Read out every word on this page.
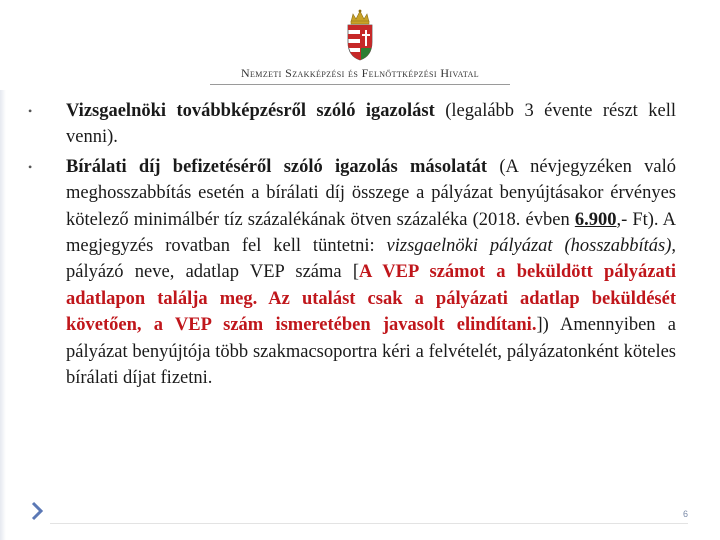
Nemzeti Szakképzési és Felnőttképzési Hivatal
•	Vizsgaelnöki továbbképzésről szóló igazolást (legalább 3 évente részt kell venni).
•	Bírálati díj befizetéséről szóló igazolás másolatát (A névjegyzéken való meghosszabbítás esetén a bírálati díj összege a pályázat benyújtásakor érvényes kötelező minimálbér tíz százalékának ötven százaléka (2018. évben 6.900,- Ft). A megjegyzés rovatban fel kell tüntetni: vizsgaelnöki pályázat (hosszabbítás), pályázó neve, adatlap VEP száma [A VEP számot a beküldött pályázati adatlapon találja meg. Az utalást csak a pályázati adatlap beküldését követően, a VEP szám ismeretében javasolt elindítani.]) Amennyiben a pályázat benyújtója több szakmacsoportra kéri a felvételét, pályázatonként köteles bírálati díjat fizetni.
6
